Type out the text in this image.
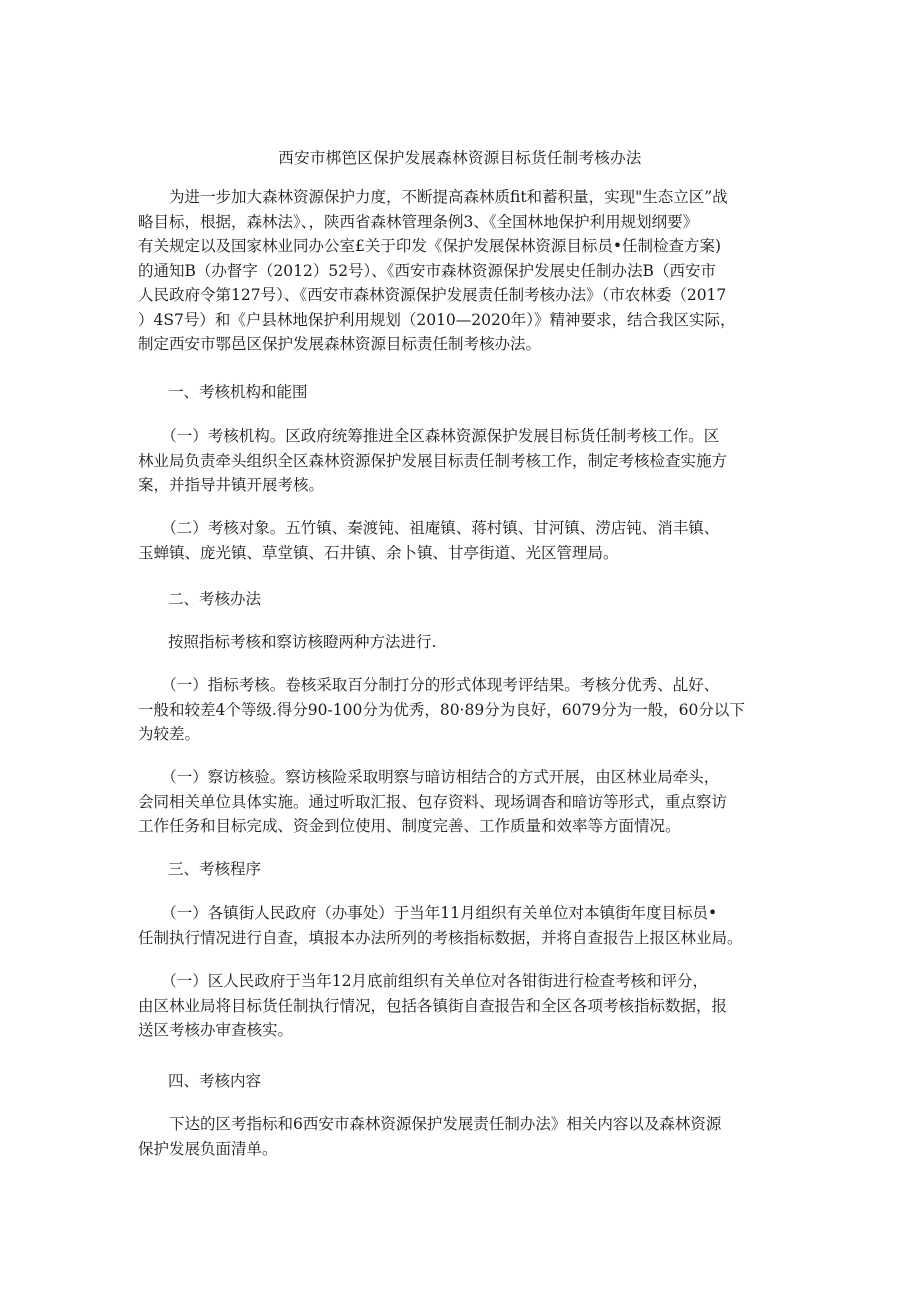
西安市梆笆区保护发展森林资源目标货任制考核办法

　　为进一步加大森林资源保护力度，不断提高森林质fit和蓄积量，实现"生态立区”战
略目标，根据，森林法》、，陕西省森林管理条例3、《全国林地保护利用规划纲要》
有关规定以及国家林业同办公室£关于印发《保护发展保林资源目标员•任制检查方案)
的通知B（办督字（2012）52号）、《西安市森林资源保护发展史任制办法B（西安市
人民政府令第127号）、《西安市森林资源保护发展责任制考核办法》（市农林委（2017
）4S7号）和《户县林地保护利用规划（2010—2020年）》精神要求，结合我区实际，
制定西安市鄂邑区保护发展森林资源目标责任制考核办法。

一、考核机构和能围

　　（一）考核机构。区政府统筹推进全区森林资源保护发展目标货任制考核工作。区
林业局负责牵头组织全区森林资源保护发展目标责任制考核工作，制定考核检查实施方
案，并指导井镇开展考核。

　　（二）考核对象。五竹镇、秦渡钝、祖庵镇、蒋村镇、甘河镇、涝店钝、消丰镇、
玉蝉镇、庞光镇、草堂镇、石井镇、余卜镇、甘亭街道、光区管理局。

二、考核办法

按照指标考核和察访核瞪两种方法进行.

　　（一）指标考核。卷核采取百分制打分的形式体现考评结果。考核分优秀、乩好、
一般和较差4个等级.得分90-100分为优秀，80·89分为良好，6079分为一般，60分以下
为较差。

　　（一）察访核验。察访核险采取明察与暗访相结合的方式开展，由区林业局牵头，
会同相关单位具体实施。通过听取汇报、包存资料、现场调杳和暗访等形式，重点察访
工作任务和目标完成、资金到位使用、制度完善、工作质量和效率等方面情况。

三、考核程序

　　（一）各镇街人民政府（办事处）于当年11月组织有关单位对本镇街年度目标员•
任制执行情况进行自查，填报本办法所列的考核指标数据，并将自查报告上报区林业局。

　　（一）区人民政府于当年12月底前组织有关单位对各钳街进行检查考核和评分，
由区林业局将目标货任制执行情况，包括各镇街自查报告和全区各项考核指标数据，报
送区考核办审查核实。

四、考核内容

　　下达的区考指标和6西安市森林资源保护发展责任制办法》相关内容以及森林资源
保护发展负面清单。
